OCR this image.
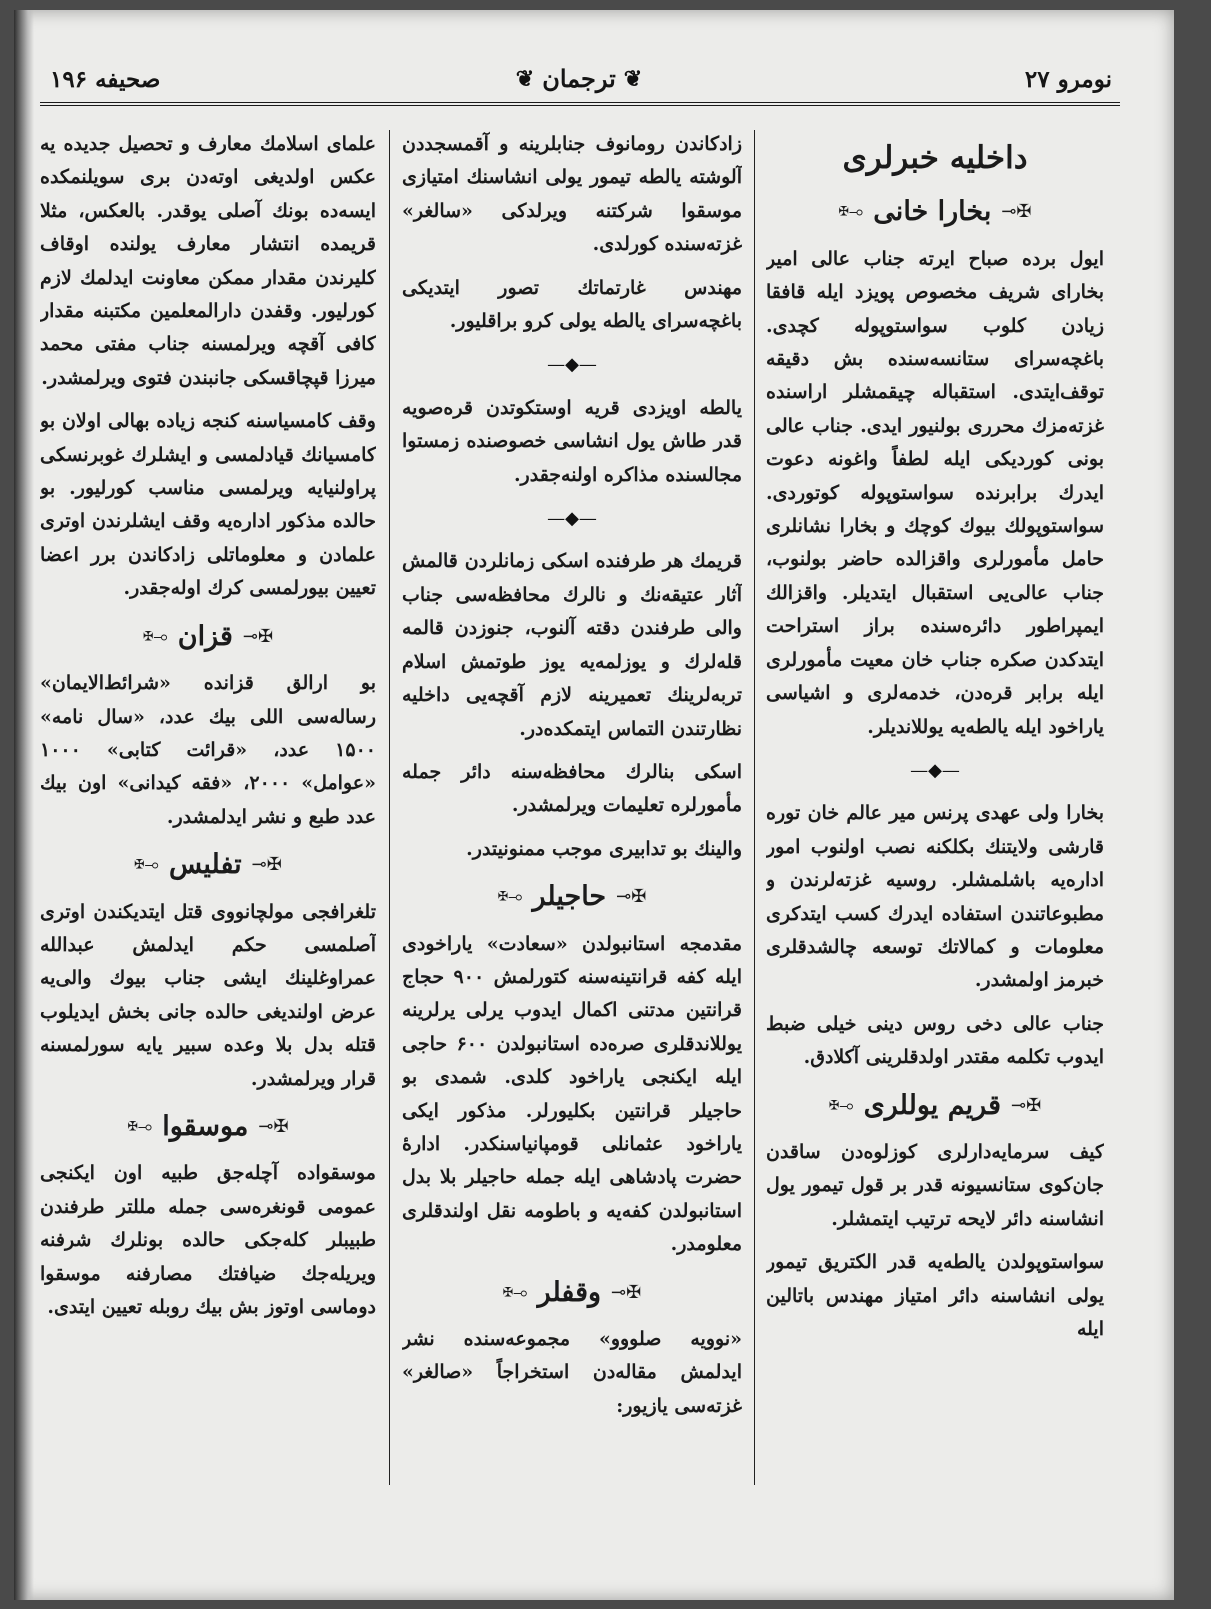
نومرو ۲۷
❦
ترجمان
❦
صحیفه ۱۹۶
داخلیه خبرلری
✠⊸
بخارا خانی
⟜✠

ایول برده صباح ایرته جناب عالی امیر بخارای شریف مخصوص پویزد ایله قافقا زیادن کلوب سواستوپوله کچدی. باغچه‌سرای ستانسه‌سنده بش دقیقه توقف‌ایتدی. استقباله چیقمشلر اراسنده غزته‌مزك محرری بولنیور ایدی. جناب عالی بونی کوردیکی ایله لطفاً واغونه دعوت ایدرك برابرنده سواستوپوله کوتوردی. سواستوپولك بیوك کوچك و بخارا نشانلری حامل مأمورلری واقزالده حاضر بولنوب، جناب عالی‌یی استقبال ایتدیلر. واقزالك ایمپراطور دائره‌سنده براز استراحت ایتدکدن صکره جناب خان معیت مأمورلری ایله برابر قره‌دن، خدمه‌لری و اشیاسی یاراخود ایله یالطه‌یه یوللاندیلر.

—◆—

بخارا ولی عهدی پرنس میر عالم خان توره قارشی ولایتنك بکلکنه نصب اولنوب امور اداره‌یه باشلمشلر. روسیه غزته‌لرندن و مطبوعاتندن استفاده ایدرك کسب ایتدکری معلومات و کمالاتك توسعه چالشدقلری خبرمز اولمشدر.

جناب عالی دخی روس دینی خیلی ضبط ایدوب تکلمه مقتدر اولدقلرینی آکلادق.

✠⊸
قریم یوللری
⟜✠

کیف سرمایه‌دارلری کوزلوه‌دن ساقدن جان‌کوی ستانسیونه قدر بر قول تیمور یول انشاسنه دائر لایحه ترتیب ایتمشلر.

سواستوپولدن یالطه‌یه قدر الکتریق تیمور یولی انشاسنه دائر امتیاز مهندس باتالین ایله

زادکاندن رومانوف جنابلرینه و آقمسجددن آلوشته یالطه تیمور یولی انشاسنك امتیازی موسقوا شرکتنه ویرلدکی «سالغر» غزته‌سنده کورلدی.

مهندس غارتماتك تصور ایتدیکی باغچه‌سرای یالطه یولی کرو براقلیور.

—◆—

یالطه اویزدی قریه اوستکوتدن قره‌صویه قدر طاش یول انشاسی خصوصنده زمستوا مجالسنده مذاکره اولنه‌جقدر.

—◆—

قریمك هر طرفنده اسکی زمانلردن قالمش آثار عتیقه‌نك و نالرك محافظه‌سی جناب والی طرفندن دقته آلنوب، جنوزدن قالمه قله‌لرك و یوزلمه‌یه یوز طوتمش اسلام تربه‌لرینك تعمیرینه لازم آقچه‌یی داخلیه نظارتندن التماس ایتمکده‌در.

اسکی بنالرك محافظه‌سنه دائر جمله مأمورلره تعلیمات ویرلمشدر.

والینك بو تدابیری موجب ممنونیتدر.

✠⊸
حاجیلر
⟜✠

مقدمجه استانبولدن «سعادت» یاراخودی ایله کفه قرانتینه‌سنه کتورلمش ۹۰۰ حجاج قرانتین مدتنی اکمال ایدوب یرلی یرلرینه یوللاندقلری صره‌ده استانبولدن ۶۰۰ حاجی ایله ایکنجی یاراخود کلدی. شمدی بو حاجیلر قرانتین بکلیورلر. مذکور ایکی یاراخود عثمانلی قومپانیاسنکدر. ادارهٔ حضرت پادشاهی ایله جمله حاجیلر بلا بدل استانبولدن کفه‌یه و باطومه نقل اولندقلری معلومدر.

✠⊸
وقفلر
⟜✠

«نوویه صلووو» مجموعه‌سنده نشر ایدلمش مقاله‌دن استخراجاً «صالغر» غزته‌سی یازیور:

علمای اسلامك معارف و تحصیل جدیده یه عکس اولدیغی اوته‌دن بری سویلنمکده ایسه‌ده بونك آصلی یوقدر. بالعکس، مثلا قریمده انتشار معارف یولنده اوقاف کلیرندن مقدار ممکن معاونت ایدلمك لازم کورلیور. وقفدن دارالمعلمین مکتبنه مقدار کافی آقچه ویرلمسنه جناب مفتی محمد میرزا قپچاقسکی جانبندن فتوی ویرلمشدر.

وقف کامسیاسنه کنجه زیاده بهالی اولان بو کامسیانك قیادلمسی و ایشلرك غوبرنسکی پراولنیایه ویرلمسی مناسب کورلیور. بو حالده مذکور اداره‌یه وقف ایشلرندن اوتری علمادن و معلوماتلی زادکاندن برر اعضا تعیین بیورلمسی کرك اوله‌جقدر.

✠⊸
قزان
⟜✠

بو ارالق قزانده «شرائط‌الایمان» رساله‌سی اللی بیك عدد، «سال نامه» ۱۵۰۰ عدد، «قرائت کتابی» ۱۰۰۰ «عوامل» ۲۰۰۰، «فقه کیدانی» اون بیك عدد طبع و نشر ایدلمشدر.

✠⊸
تفلیس
⟜✠

تلغرافجی مولچانووی قتل ایتدیکندن اوتری آصلمسی حکم ایدلمش عبدالله عمراوغلینك ایشی جناب بیوك والی‌یه عرض اولندیغی حالده جانی بخش ایدیلوب قتله بدل بلا وعده سبیر یایه سورلمسنه قرار ویرلمشدر.

✠⊸
موسقوا
⟜✠

موسقواده آچله‌جق طبیه اون ایکنجی عمومی قونغره‌سی جمله مللتر طرفندن طبیبلر کله‌جکی حالده بونلرك شرفنه ویریله‌جك ضیافتك مصارفنه موسقوا دوماسی اوتوز بش بیك روبله تعیین ایتدی.
